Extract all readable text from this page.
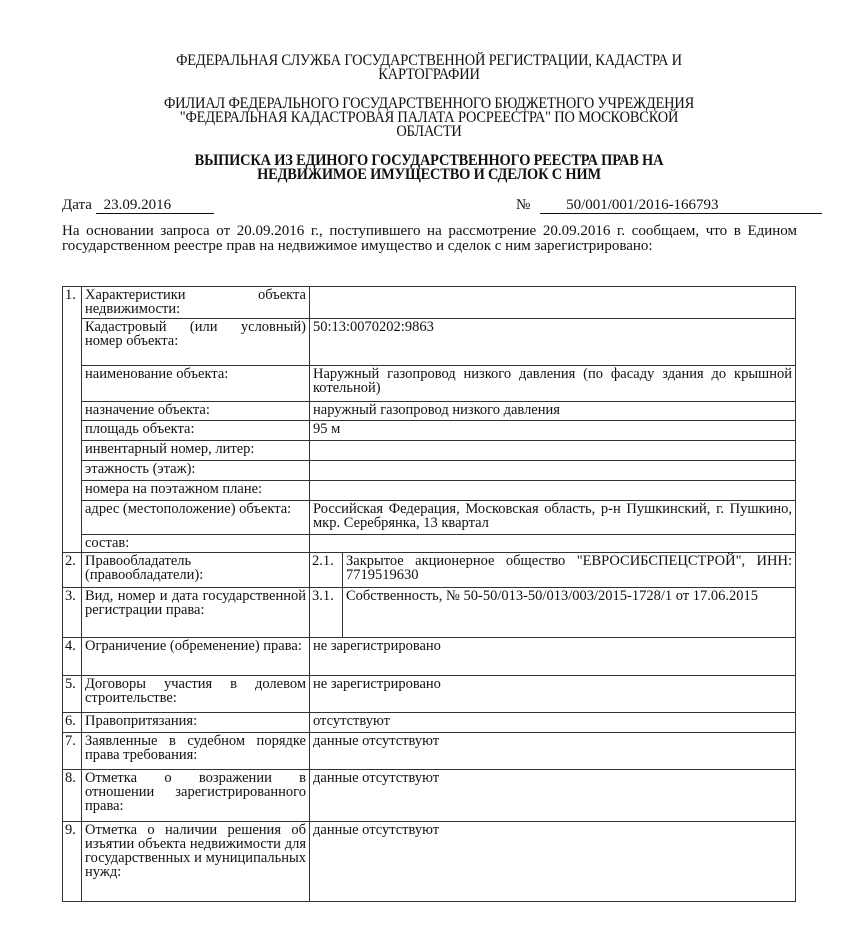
ФЕДЕРАЛЬНАЯ СЛУЖБА ГОСУДАРСТВЕННОЙ РЕГИСТРАЦИИ, КАДАСТРА И
КАРТОГРАФИИ
ФИЛИАЛ ФЕДЕРАЛЬНОГО ГОСУДАРСТВЕННОГО БЮДЖЕТНОГО УЧРЕЖДЕНИЯ
"ФЕДЕРАЛЬНАЯ КАДАСТРОВАЯ ПАЛАТА РОСРЕЕСТРА" ПО МОСКОВСКОЙ
ОБЛАСТИ
ВЫПИСКА ИЗ ЕДИНОГО ГОСУДАРСТВЕННОГО РЕЕСТРА ПРАВ НА
НЕДВИЖИМОЕ ИМУЩЕСТВО И СДЕЛОК С НИМ
Дата 23.09.2016	№ 50/001/001/2016-166793
На основании запроса от 20.09.2016 г., поступившего на рассмотрение 20.09.2016 г. сообщаем, что в Едином государственном реестре прав на недвижимое имущество и сделок с ним зарегистрировано:
1.	Характеристики объекта недвижимости:		
	Кадастровый (или условный) номер объекта:	50:13:0070202:9863	
	наименование объекта:	Наружный газопровод низкого давления (по фасаду здания до крышной котельной)	
	назначение объекта:	наружный газопровод низкого давления	
	площадь объекта:	95 м	
	инвентарный номер, литер:		
	этажность (этаж):		
	номера на поэтажном плане:		
	адрес (местоположение) объекта:	Российская Федерация, Московская область, р-н Пушкинский, г. Пушкино, мкр. Серебрянка, 13 квартал	
	состав:		
2.	Правообладатель (правообладатели):	2.1.	Закрытое акционерное общество "ЕВРОСИБСПЕЦСТРОЙ", ИНН: 7719519630
3.	Вид, номер и дата государственной регистрации права:	3.1.	Собственность, № 50-50/013-50/013/003/2015-1728/1 от 17.06.2015
4.	Ограничение (обременение) права:	не зарегистрировано	
5.	Договоры участия в долевом строительстве:	не зарегистрировано	
6.	Правопритязания:	отсутствуют	
7.	Заявленные в судебном порядке права требования:	данные отсутствуют	
8.	Отметка о возражении в отношении зарегистрированного права:	данные отсутствуют	
9.	Отметка о наличии решения об изъятии объекта недвижимости для государственных и муниципальных нужд:	данные отсутствуют	
